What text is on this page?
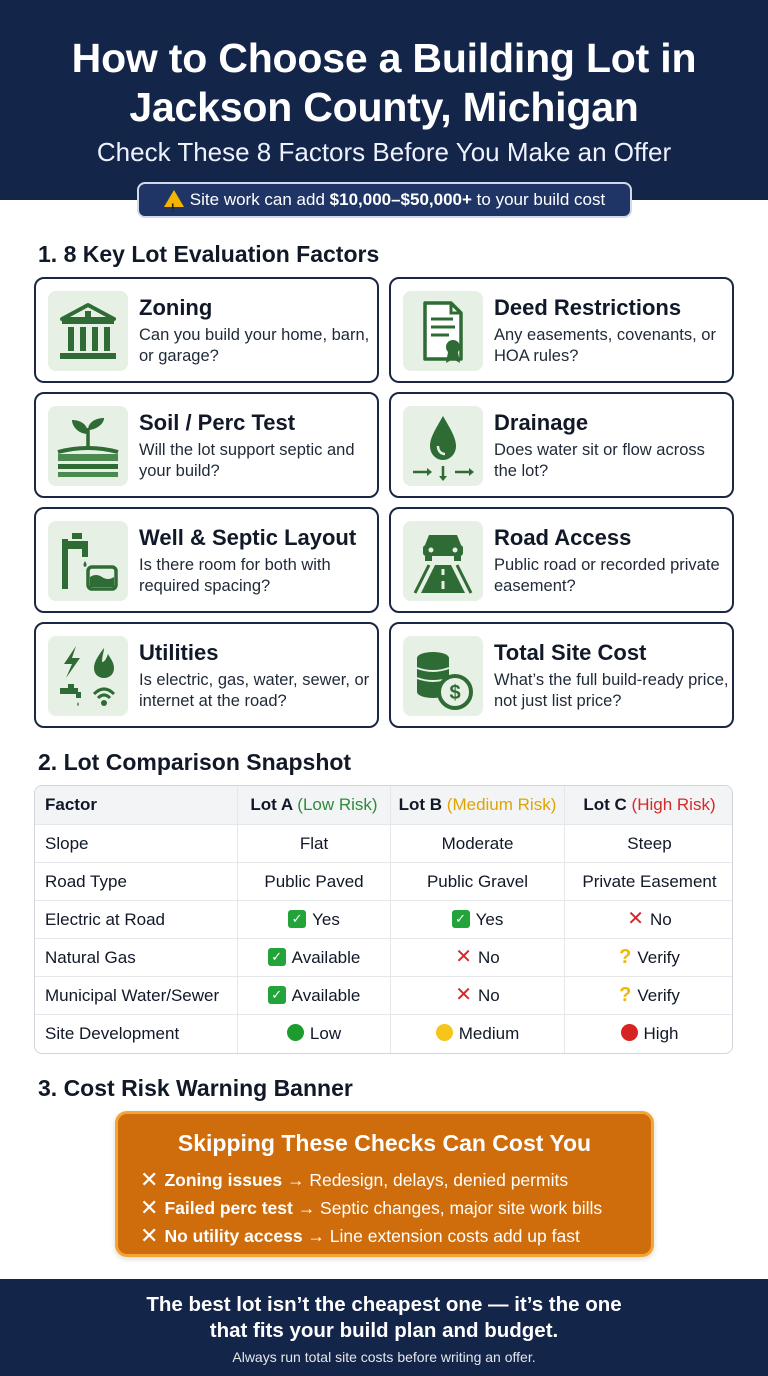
How to Choose a Building Lot in Jackson County, Michigan
Check These 8 Factors Before You Make an Offer
!Site work can add $10,000–$50,000+ to your build cost
1. 8 Key Lot Evaluation Factors
Zoning
Can you build your home, barn, or garage?
Deed Restrictions
Any easements, covenants, or HOA rules?
Soil / Perc Test
Will the lot support septic and your build?
Drainage
Does water sit or flow across the lot?
Well & Septic Layout
Is there room for both with required spacing?
Road Access
Public road or recorded private easement?
Utilities
Is electric, gas, water, sewer, or internet at the road?	$
Total Site Cost
What’s the full build-ready price, not just list price?
2. Lot Comparison Snapshot
Factor	Lot A (Low Risk)	Lot B (Medium Risk)	Lot C (High Risk)
Slope	Flat	Moderate	Steep
Road Type	Public Paved	Public Gravel	Private Easement
Electric at Road	✓ Yes	✓ Yes	✕ No
Natural Gas	✓ Available	✕ No	? Verify
Municipal Water/Sewer	✓ Available	✕ No	? Verify
Site Development	Low	Medium	High
3. Cost Risk Warning Banner
Skipping These Checks Can Cost You
✕ Zoning issues → Redesign, delays, denied permits
✕ Failed perc test → Septic changes, major site work bills
✕ No utility access → Line extension costs add up fast
The best lot isn’t the cheapest one — it’s the one
that fits your build plan and budget.
Always run total site costs before writing an offer.
